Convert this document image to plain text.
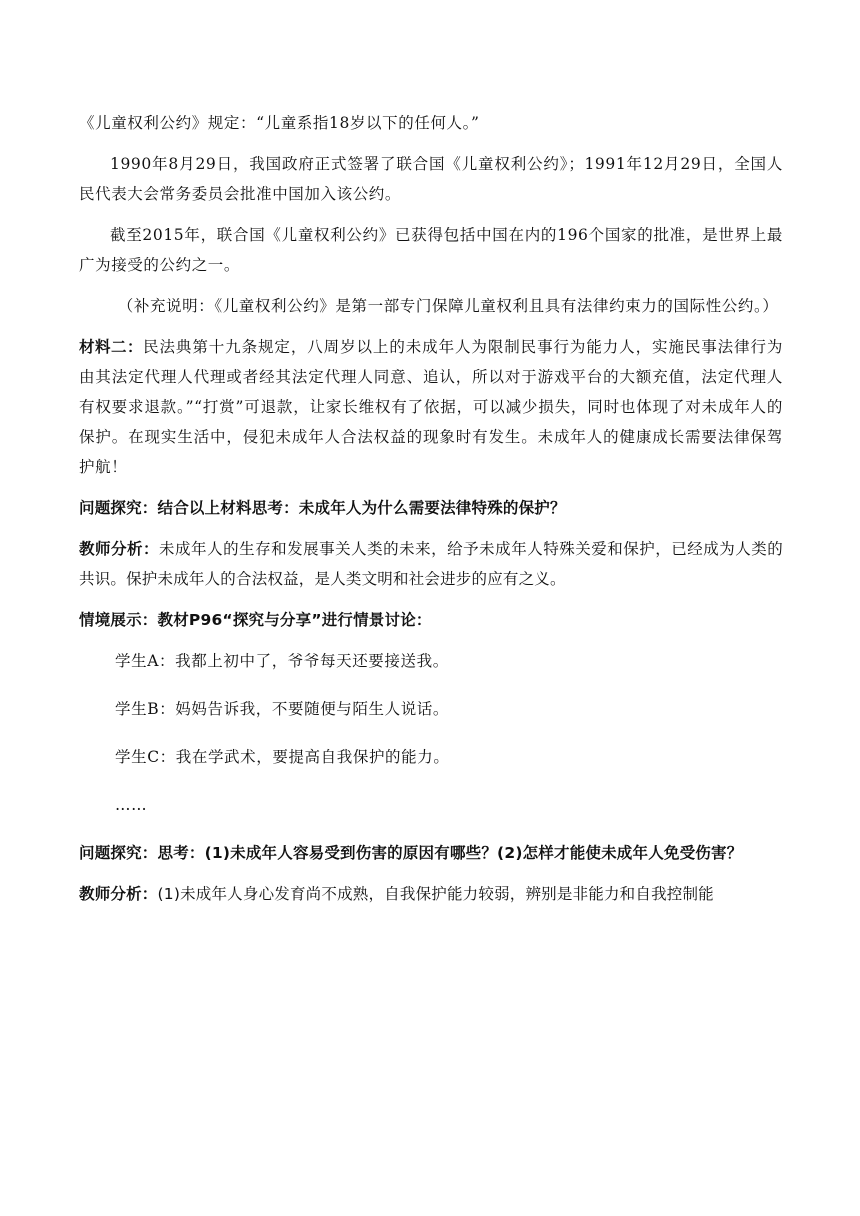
《儿童权利公约》规定：“儿童系指18岁以下的任何人。”

1990年8月29日，我国政府正式签署了联合国《儿童权利公约》；1991年12月29日，全国人民代表大会常务委员会批准中国加入该公约。

截至2015年，联合国《儿童权利公约》已获得包括中国在内的196个国家的批准，是世界上最广为接受的公约之一。

（补充说明：《儿童权利公约》是第一部专门保障儿童权利且具有法律约束力的国际性公约。）

材料二：民法典第十九条规定，八周岁以上的未成年人为限制民事行为能力人，实施民事法律行为由其法定代理人代理或者经其法定代理人同意、追认，所以对于游戏平台的大额充值，法定代理人有权要求退款。”“打赏”可退款，让家长维权有了依据，可以减少损失，同时也体现了对未成年人的保护。在现实生活中，侵犯未成年人合法权益的现象时有发生。未成年人的健康成长需要法律保驾护航！

问题探究：结合以上材料思考：未成年人为什么需要法律特殊的保护？

教师分析：未成年人的生存和发展事关人类的未来，给予未成年人特殊关爱和保护，已经成为人类的共识。保护未成年人的合法权益，是人类文明和社会进步的应有之义。

情境展示：教材P96“探究与分享”进行情景讨论：

学生A：我都上初中了，爷爷每天还要接送我。

学生B：妈妈告诉我，不要随便与陌生人说话。

学生C：我在学武术，要提高自我保护的能力。

……

问题探究：思考：(1)未成年人容易受到伤害的原因有哪些？(2)怎样才能使未成年人免受伤害？

教师分析：(1)未成年人身心发育尚不成熟，自我保护能力较弱，辨别是非能力和自我控制能
